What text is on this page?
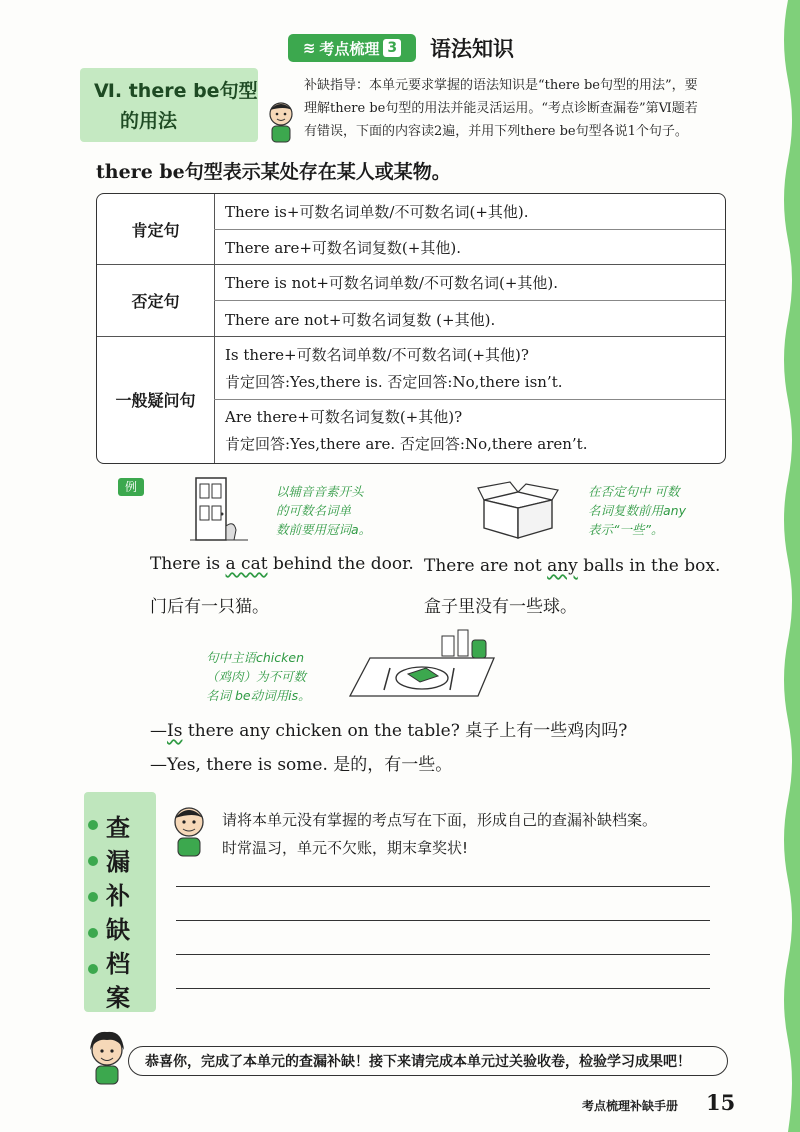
≋ 考点梳理 3 语法知识
Ⅵ. there be句型
的用法
补缺指导：本单元要求掌握的语法知识是“there be句型的用法”，要
理解there be句型的用法并能灵活运用。“考点诊断查漏卷”第Ⅵ题若
有错误，下面的内容读2遍，并用下列there be句型各说1个句子。
there be句型表示某处存在某人或某物。
肯定句
否定句
一般疑问句
There is+可数名词单数/不可数名词(+其他).
There are+可数名词复数(+其他).
There is not+可数名词单数/不可数名词(+其他).
There are not+可数名词复数 (+其他).
Is there+可数名词单数/不可数名词(+其他)?
肯定回答:Yes,there is. 否定回答:No,there isn’t.
Are there+可数名词复数(+其他)?
肯定回答:Yes,there are. 否定回答:No,there aren’t.
例	以辅音音素开头
的可数名词单
数前要用冠词a。
在否定句中 可数
名词复数前用any
表示“一些”。
There is a cat behind the door.
门后有一只猫。
There are not any balls in the box.
盒子里没有一些球。
句中主语chicken
（鸡肉）为不可数
名词 be动词用is。
—Is there any chicken on the table? 桌子上有一些鸡肉吗?
—Yes, there is some. 是的，有一些。
查
漏
补
缺
档
案
请将本单元没有掌握的考点写在下面，形成自己的查漏补缺档案。
时常温习，单元不欠账，期末拿奖状!
恭喜你，完成了本单元的查漏补缺！接下来请完成本单元过关验收卷，检验学习成果吧！
考点梳理补缺手册 15
